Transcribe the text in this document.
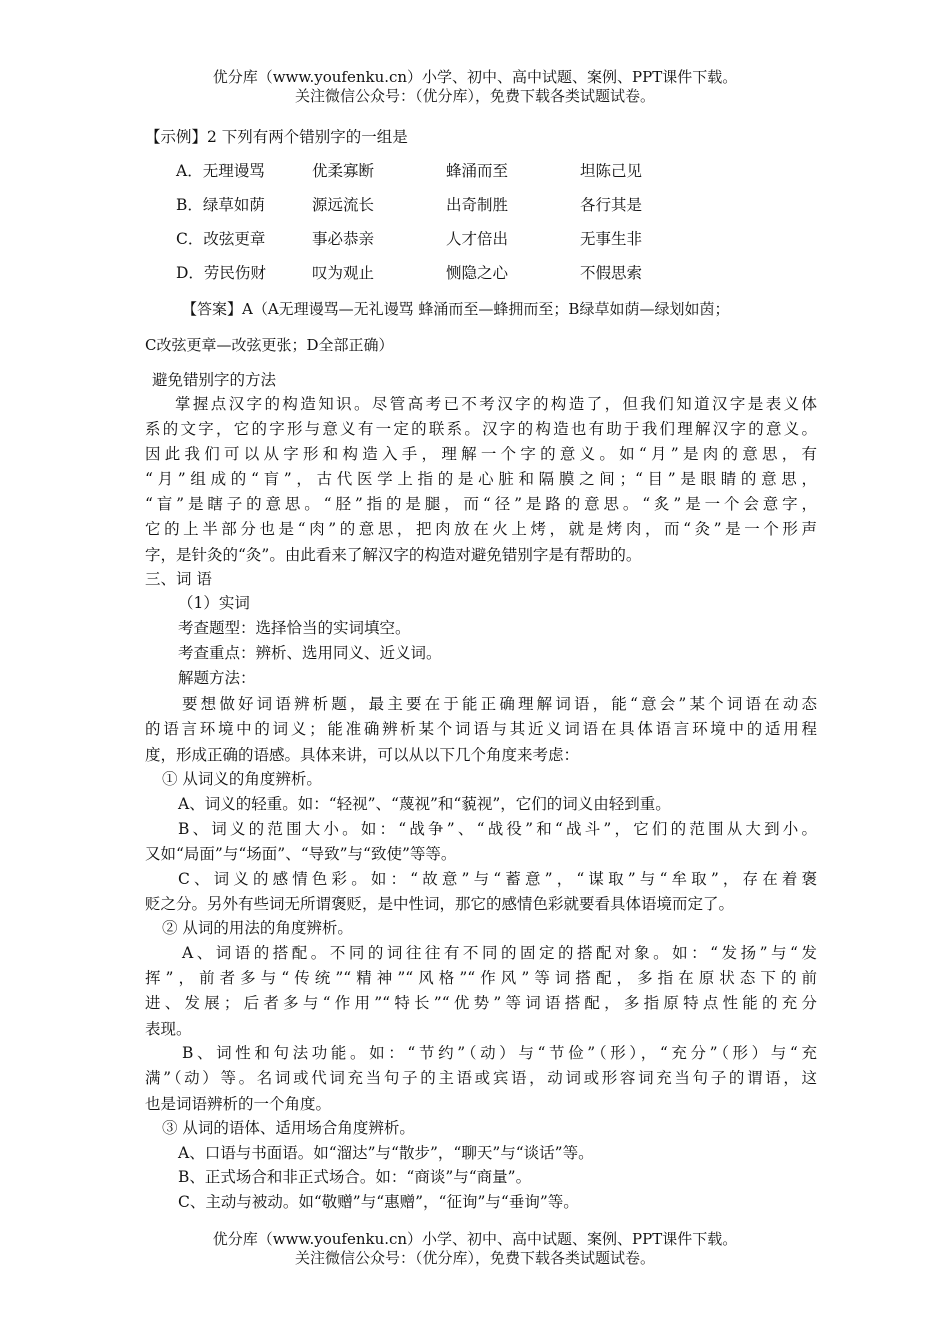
优分库（www.youfenku.cn）小学、初中、高中试题、案例、PPT课件下载。
关注微信公众号：（优分库），免费下载各类试题试卷。
【示例】2 下列有两个错别字的一组是
A．无理谩骂	优柔寡断	蜂涌而至	坦陈己见
B．绿草如荫	源远流长	出奇制胜	各行其是
C．改弦更章	事必恭亲	人才倍出	无事生非
D．劳民伤财	叹为观止	恻隐之心	不假思索
【答案】A（A无理谩骂—无礼谩骂 蜂涌而至—蜂拥而至；B绿草如荫—绿划如茵；
C改弦更章—改弦更张；D全部正确）
避免错别字的方法
掌握点汉字的构造知识。尽管高考已不考汉字的构造了，但我们知道汉字是表义体
系的文字，它的字形与意义有一定的联系。汉字的构造也有助于我们理解汉字的意义。
因此我们可以从字形和构造入手，理解一个字的意义。如“月”是肉的意思，有
“月”组成的“肓”，古代医学上指的是心脏和隔膜之间；“目”是眼睛的意思，
“盲”是瞎子的意思。“胫”指的是腿，而“径”是路的意思。“炙”是一个会意字，
它的上半部分也是“肉”的意思，把肉放在火上烤，就是烤肉，而“灸”是一个形声
字，是针灸的“灸”。由此看来了解汉字的构造对避免错别字是有帮助的。
三、词 语
（1）实词
考查题型：选择恰当的实词填空。
考查重点：辨析、选用同义、近义词。
解题方法：
要想做好词语辨析题，最主要在于能正确理解词语，能“意会”某个词语在动态
的语言环境中的词义；能准确辨析某个词语与其近义词语在具体语言环境中的适用程
度，形成正确的语感。具体来讲，可以从以下几个角度来考虑：
① 从词义的角度辨析。
A、词义的轻重。如：“轻视”、“蔑视”和“藐视”，它们的词义由轻到重。
B、词义的范围大小。如：“战争”、“战役”和“战斗”，它们的范围从大到小。
又如“局面”与“场面”、“导致”与“致使”等等。
C、词义的感情色彩。如：“故意”与“蓄意”，“谋取”与“牟取”，存在着褒
贬之分。另外有些词无所谓褒贬，是中性词，那它的感情色彩就要看具体语境而定了。
② 从词的用法的角度辨析。
A、词语的搭配。不同的词往往有不同的固定的搭配对象。如：“发扬”与“发
挥”，前者多与“传统”“精神”“风格”“作风”等词搭配，多指在原状态下的前
进、发展；后者多与“作用”“特长”“优势”等词语搭配，多指原特点性能的充分
表现。
B、词性和句法功能。如：“节约”（动）与“节俭”（形），“充分”（形）与“充
满”（动）等。名词或代词充当句子的主语或宾语，动词或形容词充当句子的谓语，这
也是词语辨析的一个角度。
③ 从词的语体、适用场合角度辨析。
A、口语与书面语。如“溜达”与“散步”，“聊天”与“谈话”等。
B、正式场合和非正式场合。如：“商谈”与“商量”。
C、主动与被动。如“敬赠”与“惠赠”，“征询”与“垂询”等。
优分库（www.youfenku.cn）小学、初中、高中试题、案例、PPT课件下载。
关注微信公众号：（优分库），免费下载各类试题试卷。
